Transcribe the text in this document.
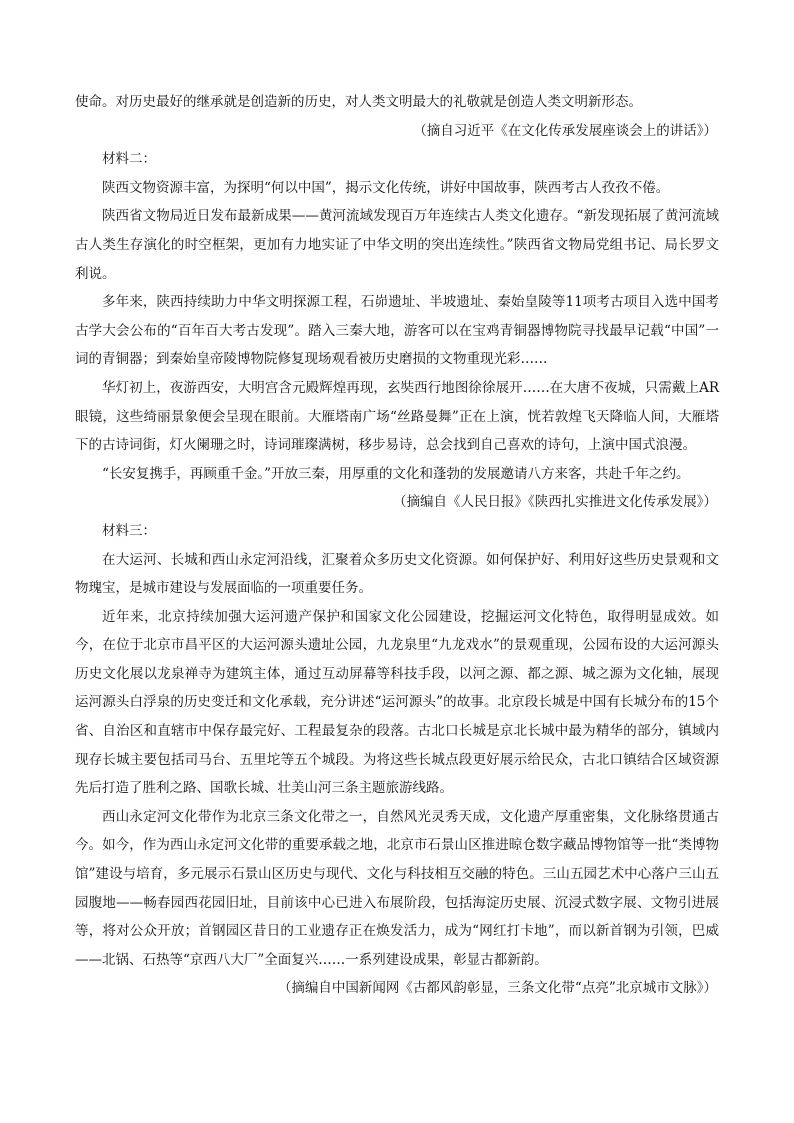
使命。对历史最好的继承就是创造新的历史，对人类文明最大的礼敬就是创造人类文明新形态。

（摘自习近平《在文化传承发展座谈会上的讲话》）

材料二：

陕西文物资源丰富，为探明“何以中国”，揭示文化传统，讲好中国故事，陕西考古人孜孜不倦。

陕西省文物局近日发布最新成果——黄河流域发现百万年连续古人类文化遗存。“新发现拓展了黄河流域古人类生存演化的时空框架，更加有力地实证了中华文明的突出连续性。”陕西省文物局党组书记、局长罗文利说。

多年来，陕西持续助力中华文明探源工程，石峁遗址、半坡遗址、秦始皇陵等11项考古项目入选中国考古学大会公布的“百年百大考古发现”。踏入三秦大地，游客可以在宝鸡青铜器博物院寻找最早记载“中国”一词的青铜器；到秦始皇帝陵博物院修复现场观看被历史磨损的文物重现光彩……

华灯初上，夜游西安，大明宫含元殿辉煌再现，玄奘西行地图徐徐展开……在大唐不夜城，只需戴上AR眼镜，这些绮丽景象便会呈现在眼前。大雁塔南广场“丝路曼舞”正在上演，恍若敦煌飞天降临人间，大雁塔下的古诗词街，灯火阑珊之时，诗词璀璨满树，移步易诗，总会找到自己喜欢的诗句，上演中国式浪漫。

“长安复携手，再顾重千金。”开放三秦，用厚重的文化和蓬勃的发展邀请八方来客，共赴千年之约。

（摘编自《人民日报》《陕西扎实推进文化传承发展》）

材料三：

在大运河、长城和西山永定河沿线，汇聚着众多历史文化资源。如何保护好、利用好这些历史景观和文物瑰宝，是城市建设与发展面临的一项重要任务。

近年来，北京持续加强大运河遗产保护和国家文化公园建设，挖掘运河文化特色，取得明显成效。如今，在位于北京市昌平区的大运河源头遗址公园，九龙泉里“九龙戏水”的景观重现，公园布设的大运河源头历史文化展以龙泉禅寺为建筑主体，通过互动屏幕等科技手段，以河之源、都之源、城之源为文化轴，展现运河源头白浮泉的历史变迁和文化承载，充分讲述“运河源头”的故事。北京段长城是中国有长城分布的15个省、自治区和直辖市中保存最完好、工程最复杂的段落。古北口长城是京北长城中最为精华的部分，镇域内现存长城主要包括司马台、五里坨等五个城段。为将这些长城点段更好展示给民众，古北口镇结合区域资源先后打造了胜利之路、国歌长城、壮美山河三条主题旅游线路。

西山永定河文化带作为北京三条文化带之一，自然风光灵秀天成，文化遗产厚重密集，文化脉络贯通古今。如今，作为西山永定河文化带的重要承载之地，北京市石景山区推进晾仓数字藏品博物馆等一批“类博物馆”建设与培育，多元展示石景山区历史与现代、文化与科技相互交融的特色。三山五园艺术中心落户三山五园腹地——畅春园西花园旧址，目前该中心已进入布展阶段，包括海淀历史展、沉浸式数字展、文物引进展等，将对公众开放；首钢园区昔日的工业遗存正在焕发活力，成为“网红打卡地”，而以新首钢为引领，巴威——北锅、石热等“京西八大厂”全面复兴……一系列建设成果，彰显古都新韵。

（摘编自中国新闻网《古都风韵彰显，三条文化带“点亮”北京城市文脉》）
